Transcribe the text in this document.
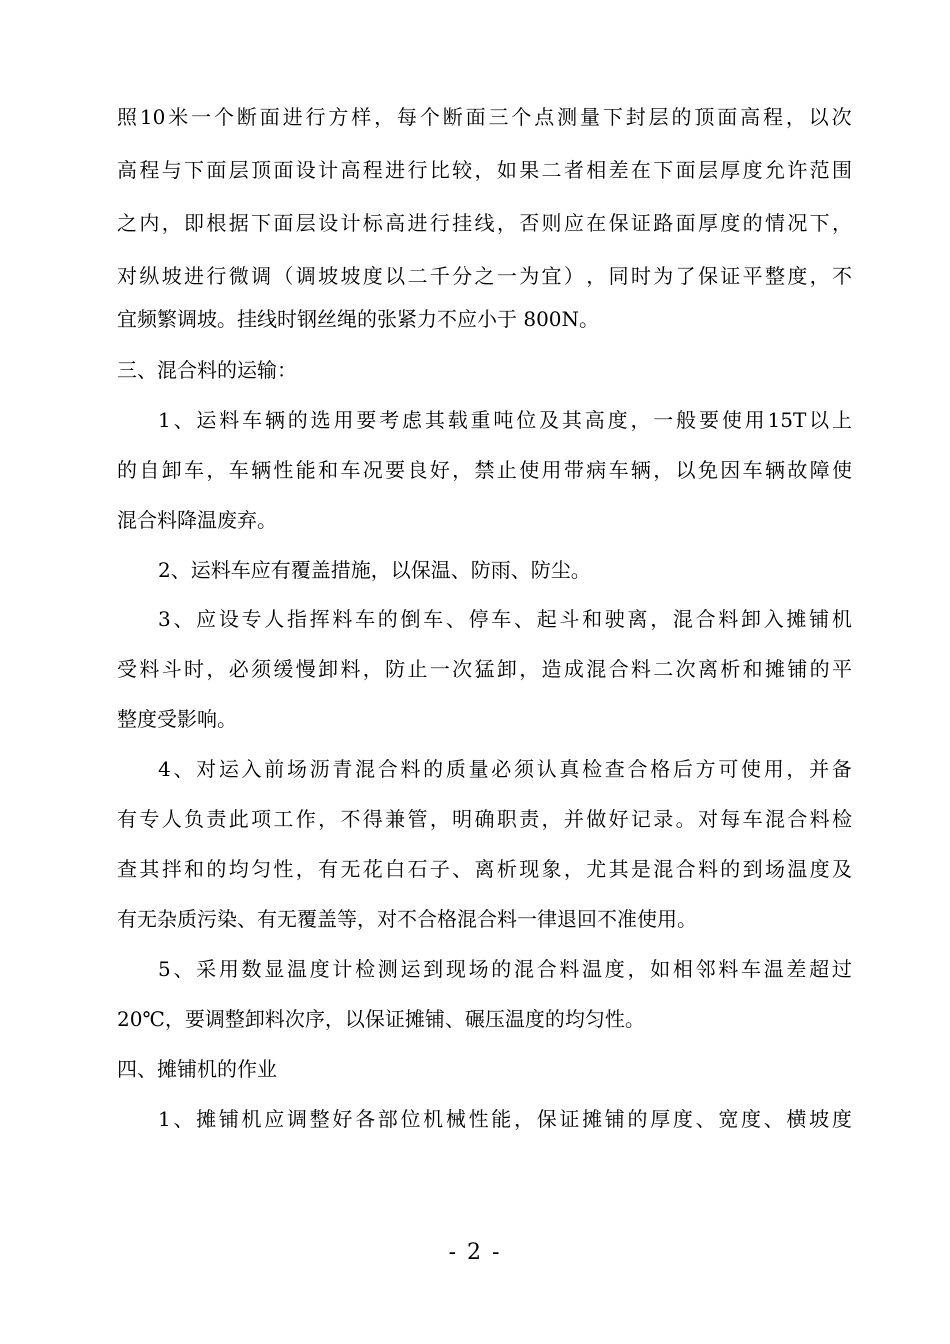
照 10 米 一 个 断 面 进 行 方 样 ， 每 个 断 面 三 个 点 测 量 下 封 层 的 顶 面 高 程 ， 以 次
高 程 与 下 面 层 顶 面 设 计 高 程 进 行 比 较 ， 如 果 二 者 相 差 在 下 面 层 厚 度 允 许 范 围
之 内 ， 即 根 据 下 面 层 设 计 标 高 进 行 挂 线 ， 否 则 应 在 保 证 路 面 厚 度 的 情 况 下 ，
对 纵 坡 进 行 微 调 （ 调 坡 坡 度 以 二 千 分 之 一 为 宜 ） ， 同 时 为 了 保 证 平 整 度 ， 不
宜频繁调坡。挂线时钢丝绳的张紧力不应小于 800N。
三、混合料的运输：
1 、 运 料 车 辆 的 选 用 要 考 虑 其 载 重 吨 位 及 其 高 度 ， 一 般 要 使 用 15T 以 上
的 自 卸 车 ， 车 辆 性 能 和 车 况 要 良 好 ， 禁 止 使 用 带 病 车 辆 ， 以 免 因 车 辆 故 障 使
混合料降温废弃。
2、运料车应有覆盖措施，以保温、防雨、防尘。
3 、 应 设 专 人 指 挥 料 车 的 倒 车 、 停 车 、 起 斗 和 驶 离 ， 混 合 料 卸 入 摊 铺 机
受 料 斗 时 ， 必 须 缓 慢 卸 料 ， 防 止 一 次 猛 卸 ， 造 成 混 合 料 二 次 离 析 和 摊 铺 的 平
整度受影响。
4 、 对 运 入 前 场 沥 青 混 合 料 的 质 量 必 须 认 真 检 查 合 格 后 方 可 使 用 ， 并 备
有 专 人 负 责 此 项 工 作 ， 不 得 兼 管 ， 明 确 职 责 ， 并 做 好 记 录 。 对 每 车 混 合 料 检
查 其 拌 和 的 均 匀 性 ， 有 无 花 白 石 子 、 离 析 现 象 ， 尤 其 是 混 合 料 的 到 场 温 度 及
有无杂质污染、有无覆盖等，对不合格混合料一律退回不准使用。
5 、 采 用 数 显 温 度 计 检 测 运 到 现 场 的 混 合 料 温 度 ， 如 相 邻 料 车 温 差 超 过
20℃，要调整卸料次序，以保证摊铺、碾压温度的均匀性。
四、摊铺机的作业
1 、 摊 铺 机 应 调 整 好 各 部 位 机 械 性 能 ， 保 证 摊 铺 的 厚 度 、 宽 度 、 横 坡 度
- 2 -
